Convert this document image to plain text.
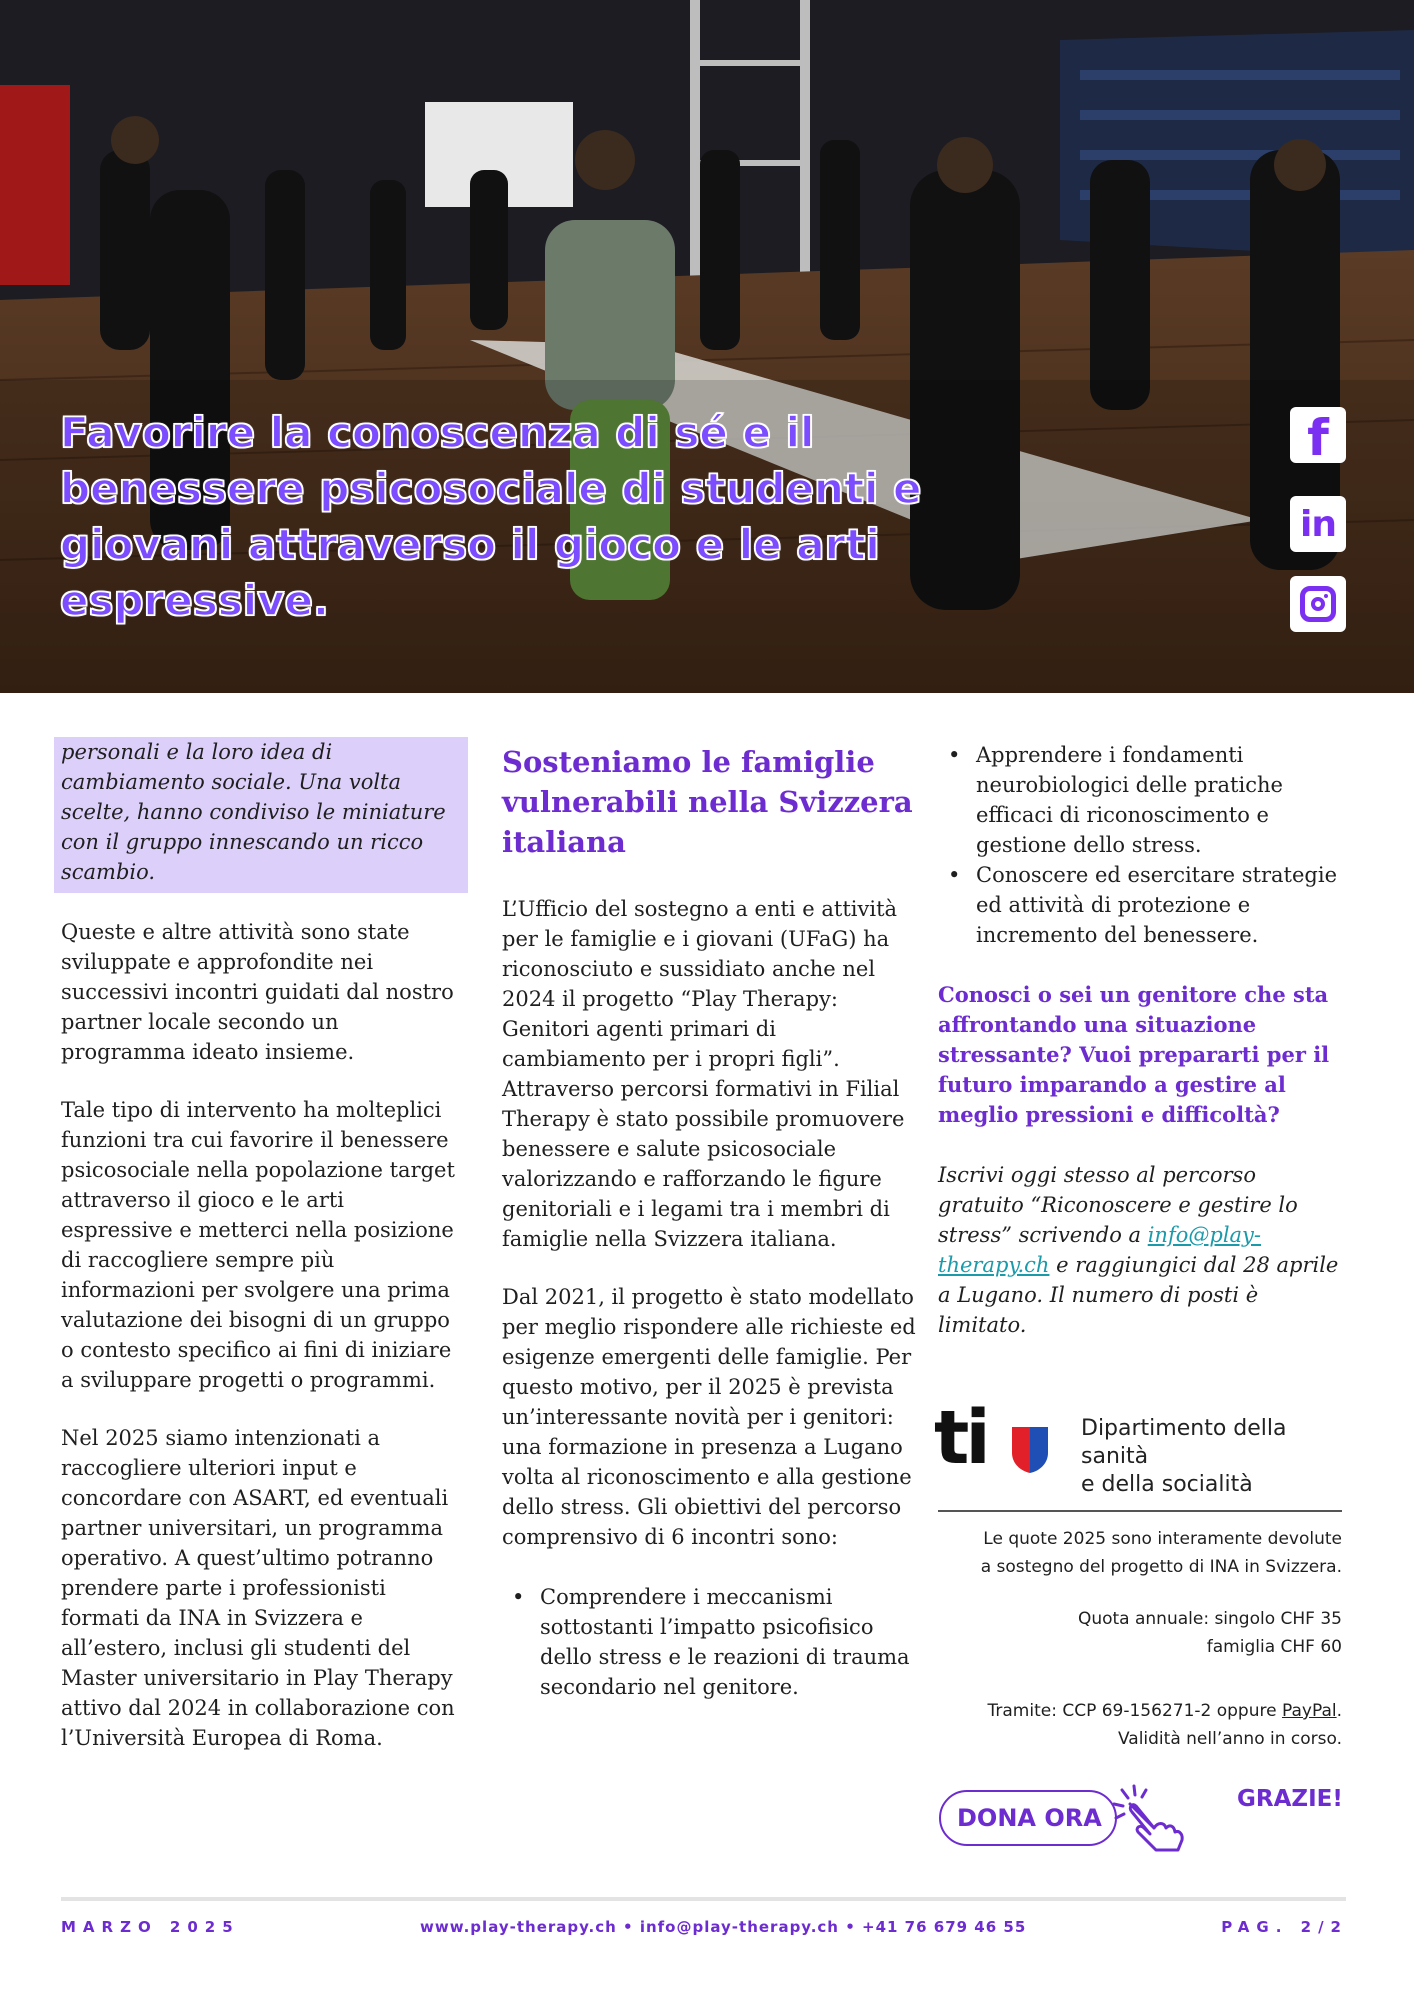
Favorire la conoscenza di sé e il benessere psicosociale di studenti e giovani attraverso il gioco e le arti espressive.
f
in
personali e la loro idea di cambiamento sociale. Una volta scelte, hanno condiviso le miniature con il gruppo innescando un ricco scambio.

Queste e altre attività sono state sviluppate e approfondite nei successivi incontri guidati dal nostro partner locale secondo un programma ideato insieme.

Tale tipo di intervento ha molteplici funzioni tra cui favorire il benessere psicosociale nella popolazione target attraverso il gioco e le arti espressive e metterci nella posizione di raccogliere sempre più informazioni per svolgere una prima valutazione dei bisogni di un gruppo o contesto specifico ai fini di iniziare a sviluppare progetti o programmi.

Nel 2025 siamo intenzionati a raccogliere ulteriori input e concordare con ASART, ed eventuali partner universitari, un programma operativo. A quest’ultimo potranno prendere parte i professionisti formati da INA in Svizzera e all’estero, inclusi gli studenti del Master universitario in Play Therapy attivo dal 2024 in collaborazione con l’Università Europea di Roma.

Sosteniamo le famiglie vulnerabili nella Svizzera italiana

L’Ufficio del sostegno a enti e attività per le famiglie e i giovani (UFaG) ha riconosciuto e sussidiato anche nel 2024 il progetto “Play Therapy: Genitori agenti primari di cambiamento per i propri figli”. Attraverso percorsi formativi in Filial Therapy è stato possibile promuovere benessere e salute psicosociale valorizzando e rafforzando le figure genitoriali e i legami tra i membri di famiglie nella Svizzera italiana.

Dal 2021, il progetto è stato modellato per meglio rispondere alle richieste ed esigenze emergenti delle famiglie. Per questo motivo, per il 2025 è prevista un’interessante novità per i genitori: una formazione in presenza a Lugano volta al riconoscimento e alla gestione dello stress. Gli obiettivi del percorso comprensivo di 6 incontri sono:

• Comprendere i meccanismi sottostanti l’impatto psicofisico dello stress e le reazioni di trauma secondario nel genitore.
• Apprendere i fondamenti neurobiologici delle pratiche efficaci di riconoscimento e gestione dello stress.
• Conoscere ed esercitare strategie ed attività di protezione e incremento del benessere.

Conosci o sei un genitore che sta affrontando una situazione stressante? Vuoi prepararti per il futuro imparando a gestire al meglio pressioni e difficoltà?

Iscrivi oggi stesso al percorso gratuito “Riconoscere e gestire lo stress” scrivendo a info@play-therapy.ch e raggiungici dal 28 aprile a Lugano. Il numero di posti è limitato.

ti	Dipartimento della sanità
e della socialità
Le quote 2025 sono interamente devolute
a sostegno del progetto di INA in Svizzera.
Quota annuale: singolo CHF 35
famiglia CHF 60
Tramite: CCP 69-156271-2 oppure PayPal.
Validità nell’anno in corso.
DONA ORA
GRAZIE!
MARZO 2025	www.play-therapy.ch • info@play-therapy.ch • +41 76 679 46 55	PAG. 2/2
